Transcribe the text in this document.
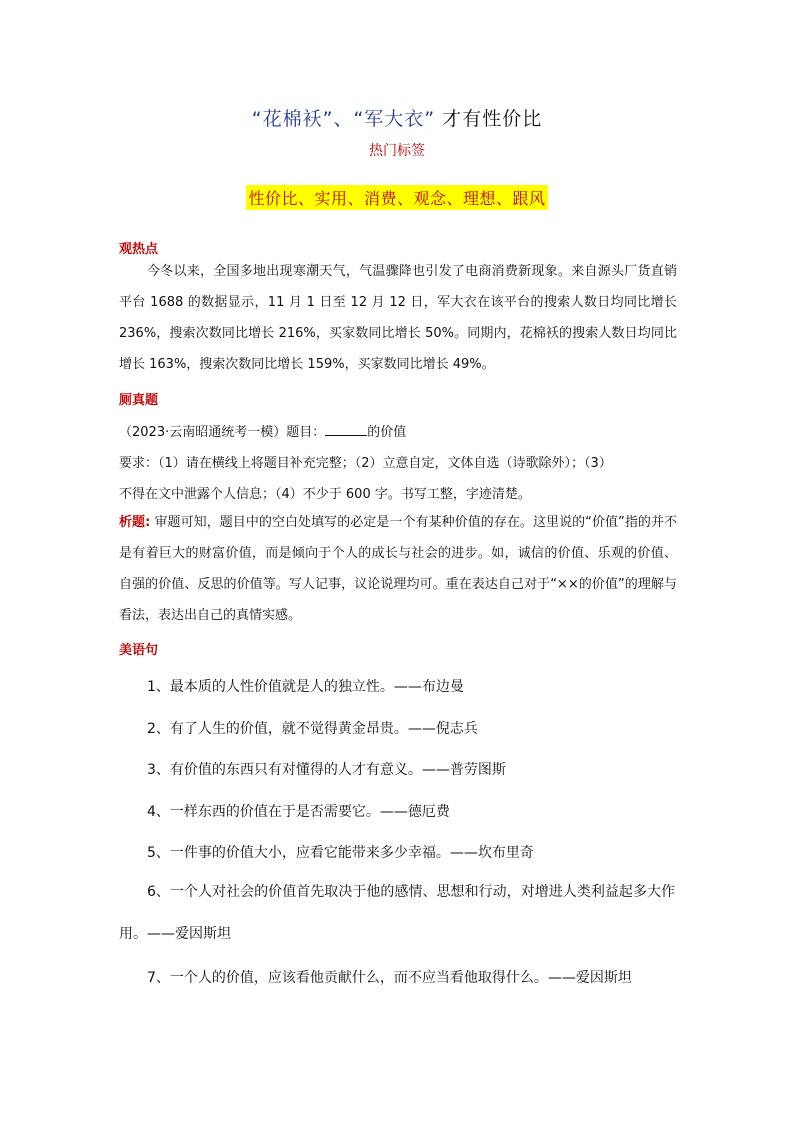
“花棉袄”、“军大衣” 才有性价比
热门标签
性价比、实用、消费、观念、理想、跟风
观热点
今冬以来，全国多地出现寒潮天气，气温骤降也引发了电商消费新现象。来自源头厂货直销平台 1688 的数据显示，11 月 1 日至 12 月 12 日，军大衣在该平台的搜索人数日均同比增长 236%，搜索次数同比增长 216%，买家数同比增长 50%。同期内，花棉袄的搜索人数日均同比增长 163%，搜索次数同比增长 159%，买家数同比增长 49%。
厕真题
（2023·云南昭通统考一模）题目：	的价值
要求：（1）请在横线上将题目补充完整；（2）立意自定，文体自选（诗歌除外）；（3）
不得在文中泄露个人信息；（4）不少于 600 字。书写工整，字迹清楚。
析题: 审题可知，题目中的空白处填写的必定是一个有某种价值的存在。这里说的“价值”指的并不是有着巨大的财富价值，而是倾向于个人的成长与社会的进步。如，诚信的价值、乐观的价值、自强的价值、反思的价值等。写人记事，议论说理均可。重在表达自己对于“××的价值”的理解与看法，表达出自己的真情实感。
美语句
1、最本质的人性价值就是人的独立性。——布边曼
2、有了人生的价值，就不觉得黄金昂贵。——倪志兵
3、有价值的东西只有对懂得的人才有意义。——普劳图斯
4、一样东西的价值在于是否需要它。——德厄费
5、一件事的价值大小，应看它能带来多少幸福。——坎布里奇
6、一个人对社会的价值首先取决于他的感情、思想和行动，对增进人类利益起多大作用。——爱因斯坦
7、一个人的价值，应该看他贡献什么，而不应当看他取得什么。——爱因斯坦
